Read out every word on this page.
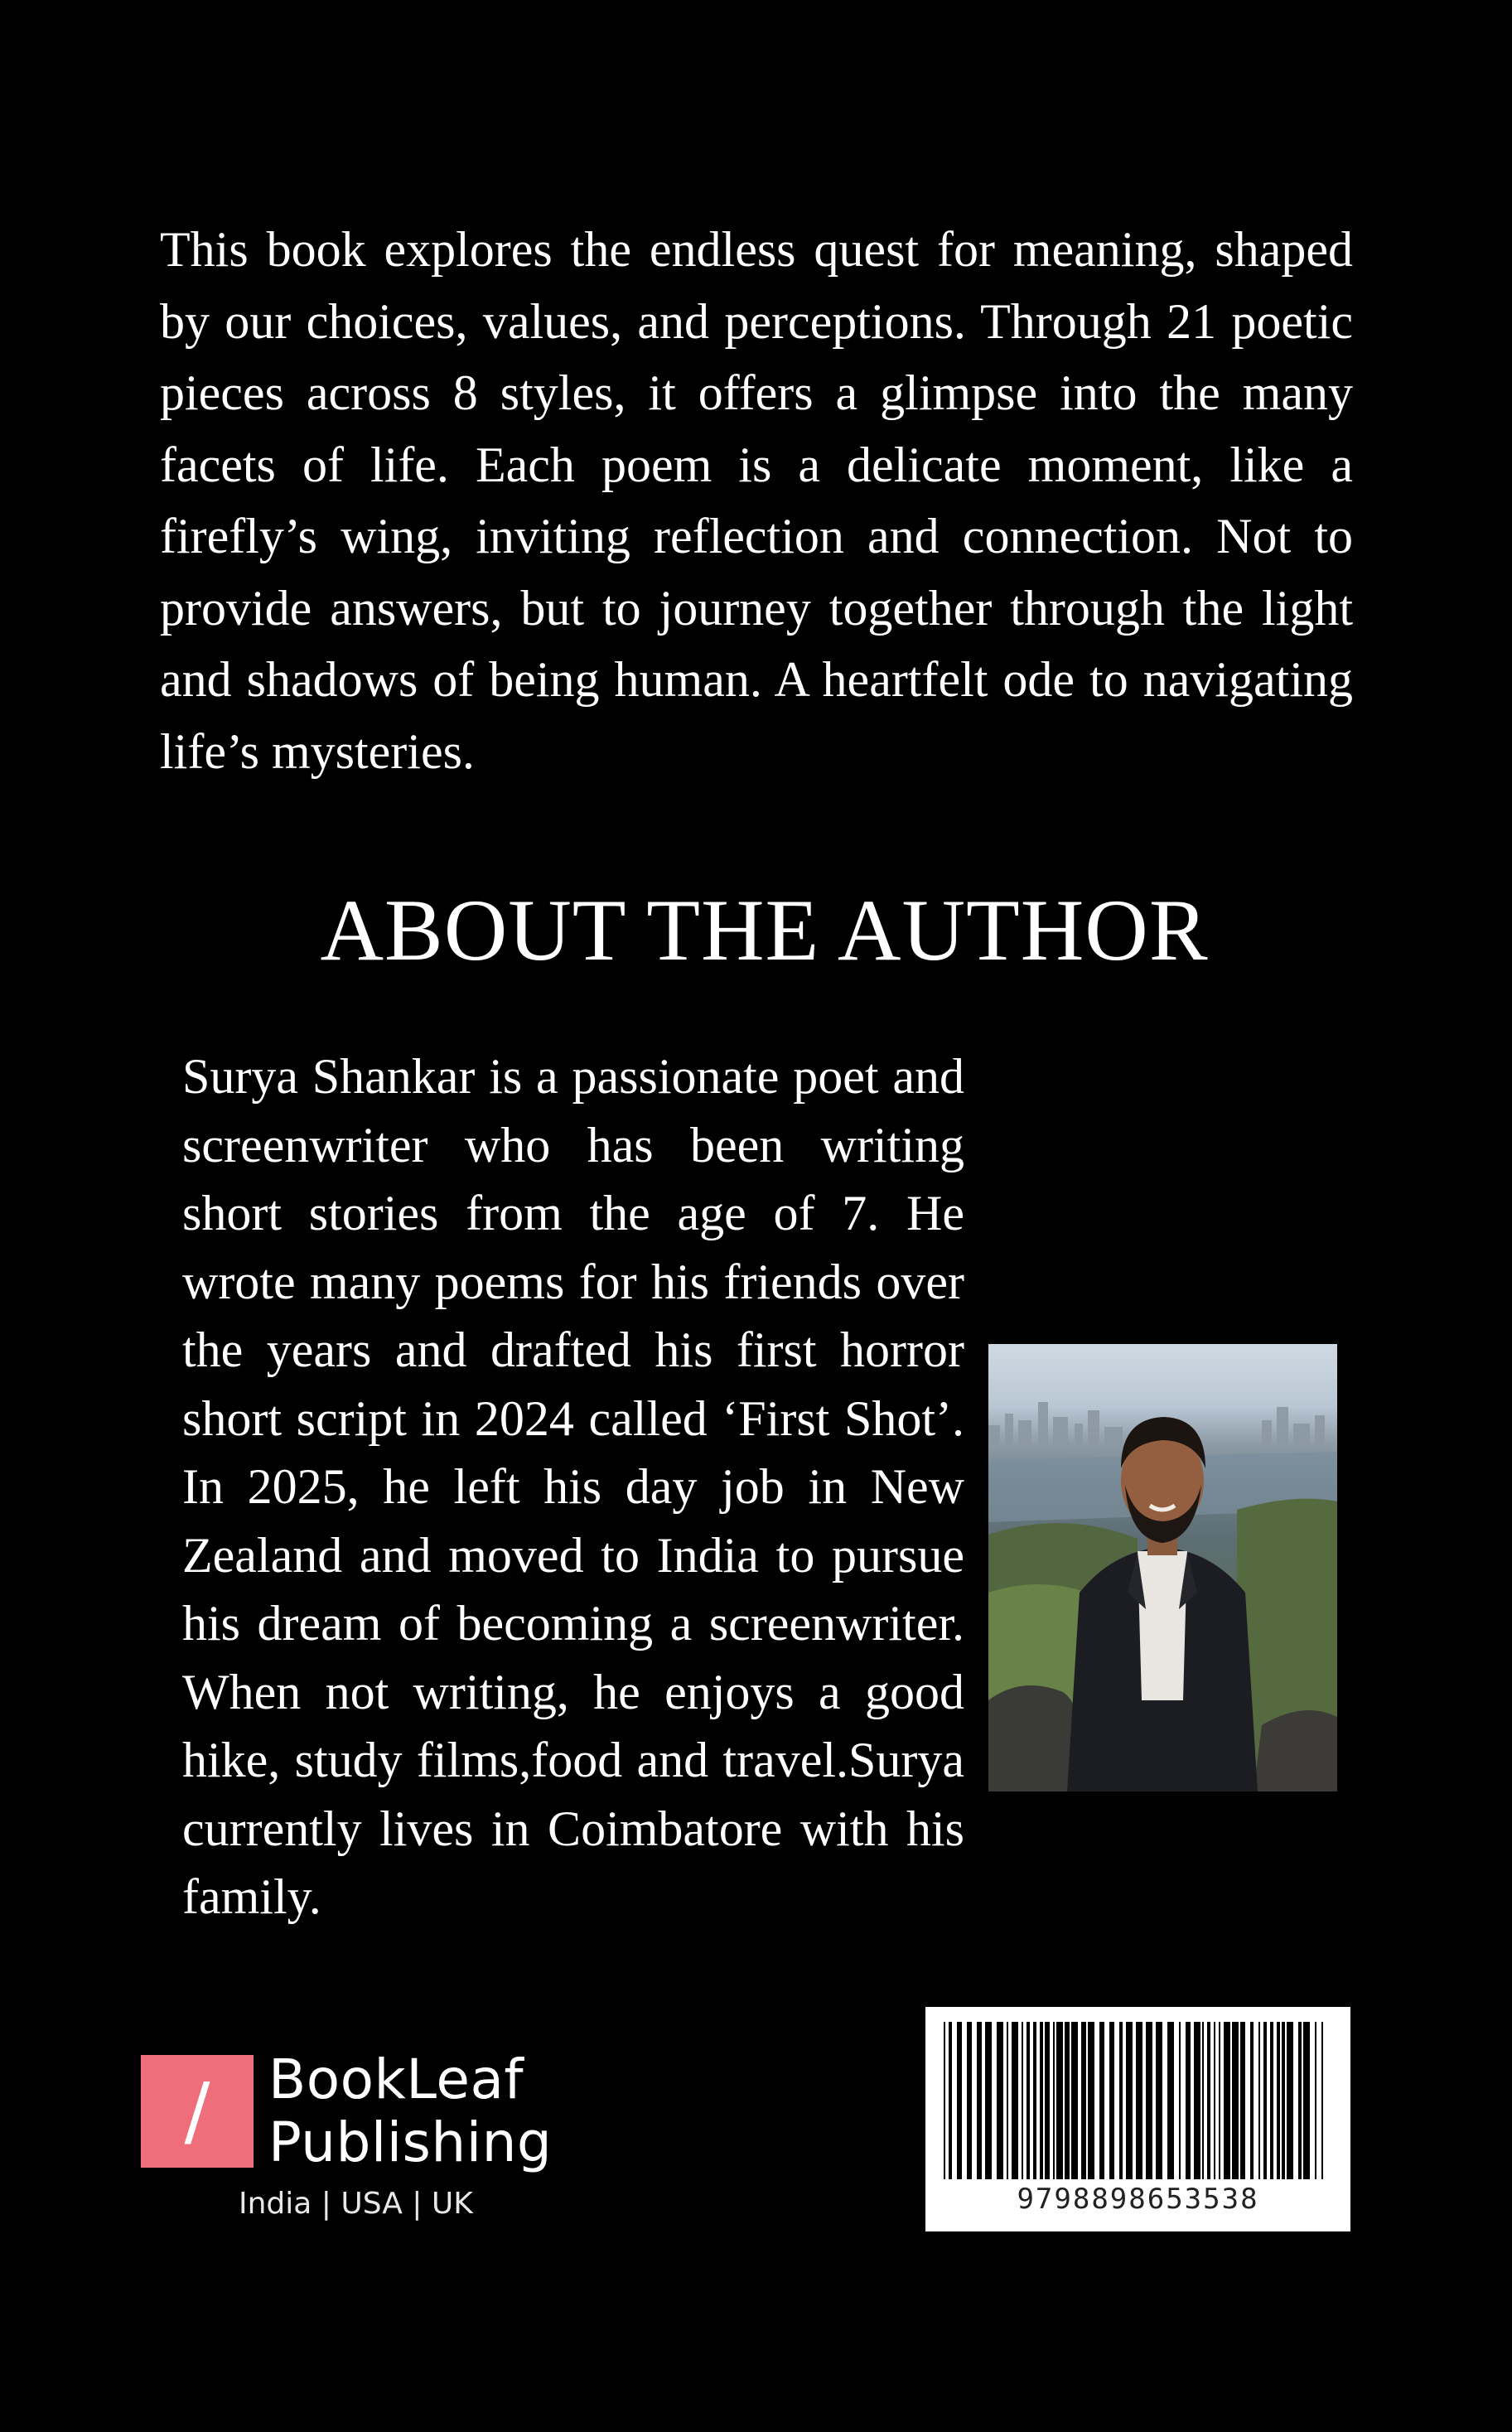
This book explores the endless quest for meaning, shaped by our choices, values, and perceptions. Through 21 poetic pieces across 8 styles, it offers a glimpse into the many facets of life. Each poem is a delicate moment, like a firefly’s wing, inviting reflection and connection. Not to provide answers, but to journey together through the light and shadows of being human. A heartfelt ode to navigating life’s mysteries.

ABOUT THE AUTHOR

Surya Shankar is a passionate poet and screenwriter who has been writing short stories from the age of 7. He wrote many poems for his friends over the years and drafted his first horror short script in 2024 called ‘First Shot’. In 2025, he left his day job in New Zealand and moved to India to pursue his dream of becoming a screenwriter. When not writing, he enjoys a good hike, study films,food and travel.Surya currently lives in Coimbatore with his family.

/	BookLeaf
Publishing
India | USA | UK	9798898653538
